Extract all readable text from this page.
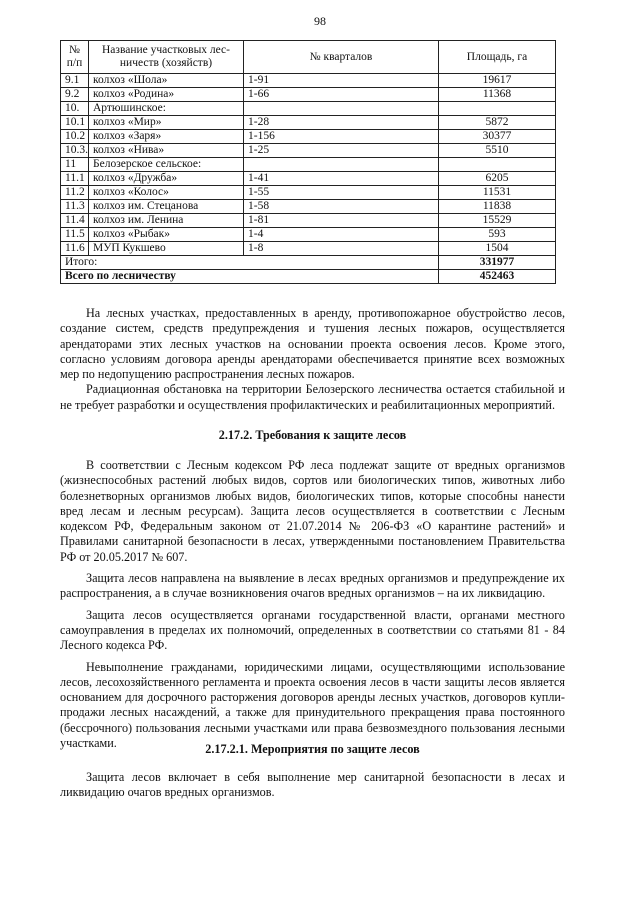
98
№ п/п	Название участковых лес-ничеств (хозяйств)	№ кварталов	Площадь, га
9.1	колхоз «Шола»	1-91	19617
9.2	колхоз «Родина»	1-66	11368
10.	Артюшинское:		
10.1	колхоз «Мир»	1-28	5872
10.2	колхоз «Заря»	1-156	30377
10.3.	колхоз «Нива»	1-25	5510
11	Белозерское сельское:		
11.1	колхоз «Дружба»	1-41	6205
11.2	колхоз «Колос»	1-55	11531
11.3	колхоз им. Стецанова	1-58	11838
11.4	колхоз им. Ленина	1-81	15529
11.5	колхоз «Рыбак»	1-4	593
11.6	МУП Кукшево	1-8	1504
Итого:			331977
Всего по лесничеству			452463

На лесных участках, предоставленных в аренду, противопожарное обустройство лесов, создание систем, средств предупреждения и тушения лесных пожаров, осуществляется арендаторами этих лесных участков на основании проекта освоения лесов. Кроме этого, согласно условиям договора аренды арендаторами обеспечивается принятие всех возможных мер по недопущению распространения лесных пожаров.

Радиационная обстановка на территории Белозерского лесничества остается стабильной и не требует разработки и осуществления профилактических и реабилитационных мероприятий.

2.17.2. Требования к защите лесов

В соответствии с Лесным кодексом РФ леса подлежат защите от вредных организмов (жизнеспособных растений любых видов, сортов или биологических типов, животных либо болезнетворных организмов любых видов, биологических типов, которые способны нанести вред лесам и лесным ресурсам). Защита лесов осуществляется в соответствии с Лесным кодексом РФ, Федеральным законом от 21.07.2014 № 206-ФЗ «О карантине растений» и Правилами санитарной безопасности в лесах, утвержденными постановлением Правительства РФ от 20.05.2017 № 607.

Защита лесов направлена на выявление в лесах вредных организмов и предупреждение их распространения, а в случае возникновения очагов вредных организмов – на их ликвидацию.

Защита лесов осуществляется органами государственной власти, органами местного самоуправления в пределах их полномочий, определенных в соответствии со статьями 81 - 84 Лесного кодекса РФ.

Невыполнение гражданами, юридическими лицами, осуществляющими использование лесов, лесохозяйственного регламента и проекта освоения лесов в части защиты лесов является основанием для досрочного расторжения договоров аренды лесных участков, договоров купли-продажи лесных насаждений, а также для принудительного прекращения права постоянного (бессрочного) пользования лесными участками или права безвозмездного пользования лесными участками.	2.17.2.1. Мероприятия по защите лесов

Защита лесов включает в себя выполнение мер санитарной безопасности в лесах и ликвидацию очагов вредных организмов.
